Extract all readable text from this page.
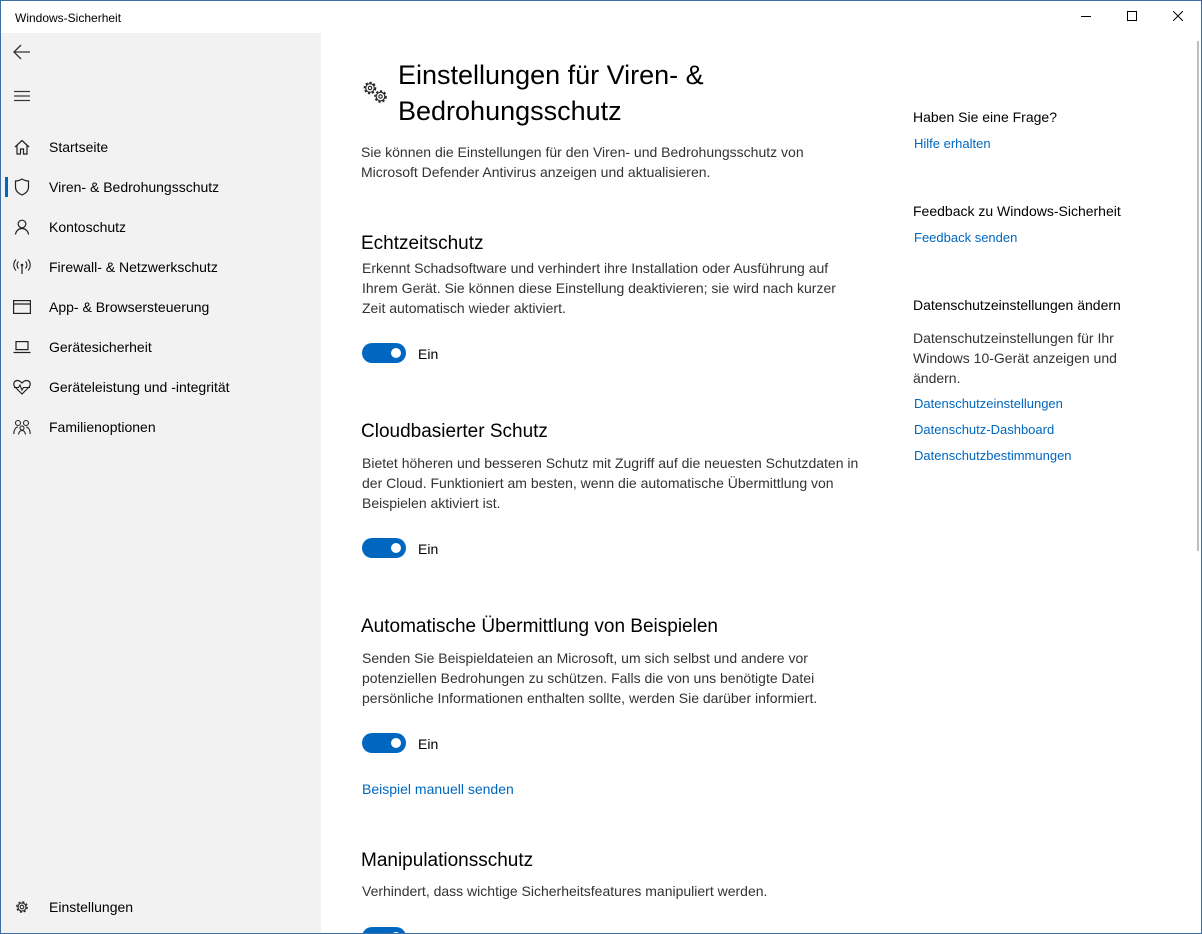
Windows-Sicherheit
Startseite
Viren- & Bedrohungsschutz
Kontoschutz
Firewall- & Netzwerkschutz
App- & Browsersteuerung
Gerätesicherheit
Geräteleistung und -integrität
Familienoptionen
Einstellungen
Einstellungen für Viren- & Bedrohungsschutz
Sie können die Einstellungen für den Viren- und Bedrohungsschutz von Microsoft Defender Antivirus anzeigen und aktualisieren.
Echtzeitschutz
Erkennt Schadsoftware und verhindert ihre Installation oder Ausführung auf Ihrem Gerät. Sie können diese Einstellung deaktivieren; sie wird nach kurzer Zeit automatisch wieder aktiviert.
Ein
Cloudbasierter Schutz
Bietet höheren und besseren Schutz mit Zugriff auf die neuesten Schutzdaten in der Cloud. Funktioniert am besten, wenn die automatische Übermittlung von Beispielen aktiviert ist.
Ein
Automatische Übermittlung von Beispielen
Senden Sie Beispieldateien an Microsoft, um sich selbst und andere vor potenziellen Bedrohungen zu schützen. Falls die von uns benötigte Datei persönliche Informationen enthalten sollte, werden Sie darüber informiert.
Ein
Beispiel manuell senden
Manipulationsschutz
Verhindert, dass wichtige Sicherheitsfeatures manipuliert werden.
Haben Sie eine Frage?
Hilfe erhalten
Feedback zu Windows-Sicherheit
Feedback senden
Datenschutzeinstellungen ändern
Datenschutzeinstellungen für Ihr Windows 10-Gerät anzeigen und ändern.
Datenschutzeinstellungen
Datenschutz-Dashboard
Datenschutzbestimmungen
